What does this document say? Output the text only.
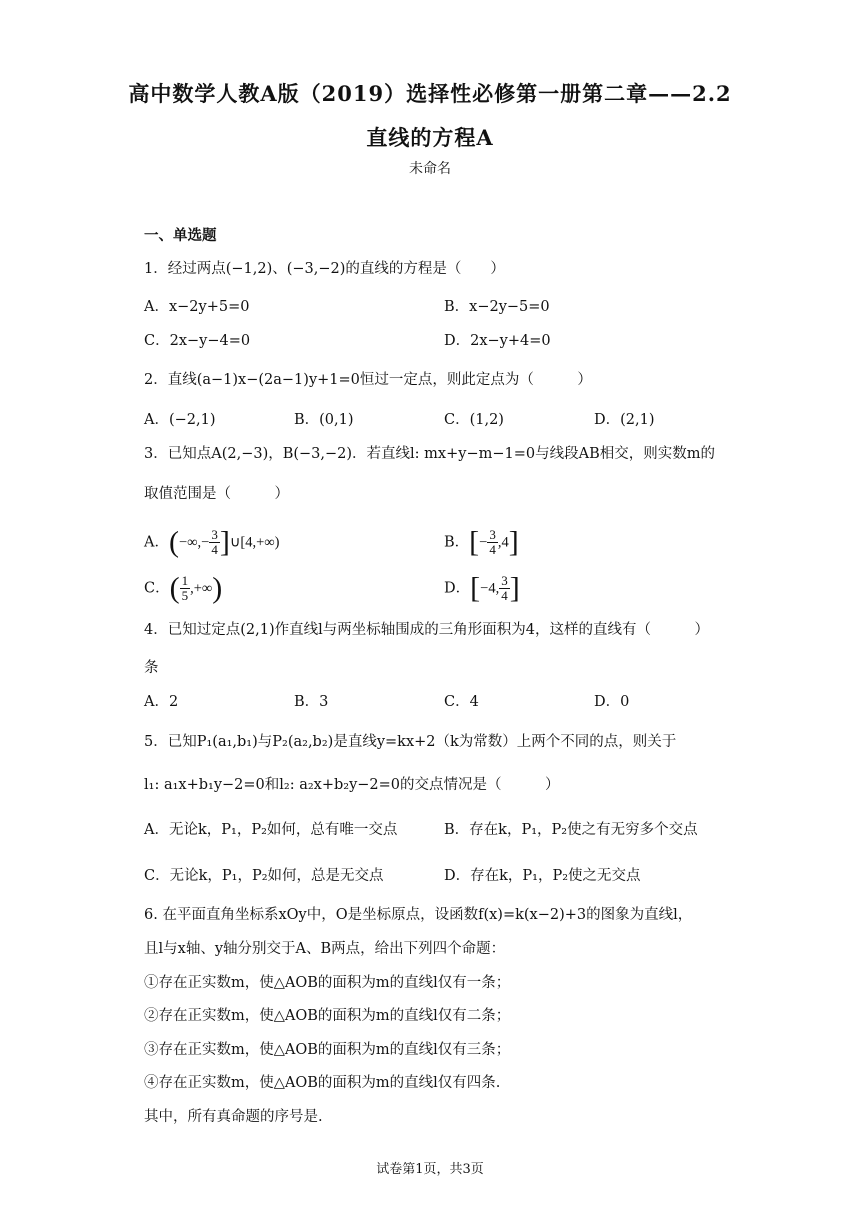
高中数学人教A版（2019）选择性必修第一册第二章——2.2
直线的方程A
未命名
一、单选题
1．经过两点(−1,2)、(−3,−2)的直线的方程是（　　）
A．x−2y+5=0	B．x−2y−5=0
C．2x−y−4=0	D．2x−y+4=0
2．直线(a−1)x−(2a−1)y+1=0恒过一定点，则此定点为（　　　）
A．(−2,1)	B．(0,1)	C．(1,2)	D．(2,1)
3．已知点A(2,−3)，B(−3,−2)．若直线l: mx+y−m−1=0与线段AB相交，则实数m的
取值范围是（　　　）
A．(−∞,− $\frac{3}{4}$ ]∪[4,+∞)	B．[− $\frac{3}{4} ,4$]
C．( $\frac{1}{5}$ ,+∞)	D．[−4, $\frac{3}{4}$ ]
4．已知过定点(2,1)作直线l与两坐标轴围成的三角形面积为4，这样的直线有（　　　）
条
A．2	B．3	C．4	D．0
5．已知P₁(a₁,b₁)与P₂(a₂,b₂)是直线y=kx+2（k为常数）上两个不同的点，则关于
l₁: a₁x+b₁y−2=0和l₂: a₂x+b₂y−2=0的交点情况是（　　　）
A．无论k，P₁，P₂如何，总有唯一交点	B．存在k，P₁，P₂使之有无穷多个交点
C．无论k，P₁，P₂如何，总是无交点	D．存在k，P₁，P₂使之无交点
6. 在平面直角坐标系xOy中，O是坐标原点，设函数f(x)=k(x−2)+3的图象为直线l，
且l与x轴、y轴分别交于A、B两点，给出下列四个命题：
①存在正实数m，使△AOB的面积为m的直线l仅有一条；
②存在正实数m，使△AOB的面积为m的直线l仅有二条；
③存在正实数m，使△AOB的面积为m的直线l仅有三条；
④存在正实数m，使△AOB的面积为m的直线l仅有四条.
其中，所有真命题的序号是.
试卷第1页，共3页
